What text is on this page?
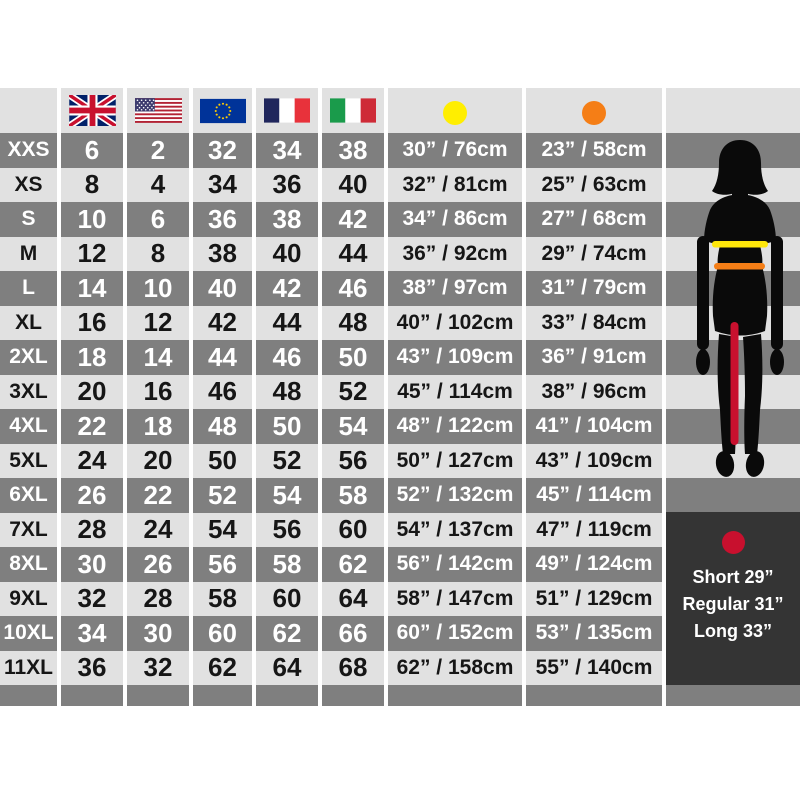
XXS	6	2	32	34	38	30” / 76cm	23” / 58cm
XS	8	4	34	36	40	32” / 81cm	25” / 63cm
S	10	6	36	38	42	34” / 86cm	27” / 68cm
M	12	8	38	40	44	36” / 92cm	29” / 74cm
L	14	10	40	42	46	38” / 97cm	31” / 79cm
XL	16	12	42	44	48	40” / 102cm	33” / 84cm
2XL	18	14	44	46	50	43” / 109cm	36” / 91cm
3XL	20	16	46	48	52	45” / 114cm	38” / 96cm
4XL	22	18	48	50	54	48” / 122cm	41” / 104cm
5XL	24	20	50	52	56	50” / 127cm	43” / 109cm
6XL	26	22	52	54	58	52” / 132cm	45” / 114cm
7XL	28	24	54	56	60	54” / 137cm	47” / 119cm
8XL	30	26	56	58	62	56” / 142cm	49” / 124cm
9XL	32	28	58	60	64	58” / 147cm	51” / 129cm
10XL 34	30	60	62	66	60” / 152cm	53” / 135cm
11XL 36	32	62	64	68	62” / 158cm	55” / 140cm
Short 29”
Regular 31”
Long 33”
